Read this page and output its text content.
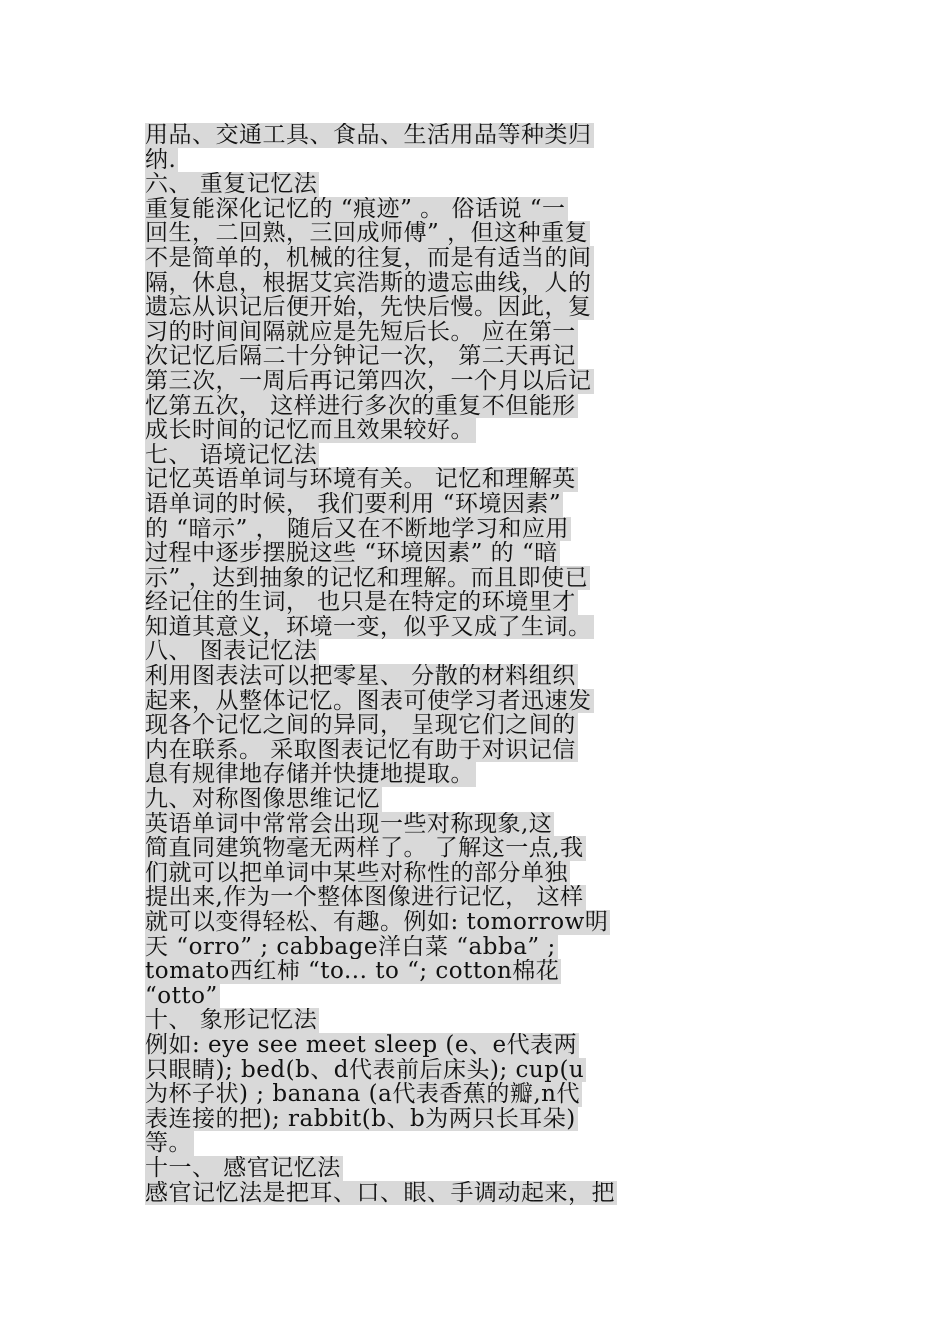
用品、交通工具、食品、生活用品等种类归
纳.
六、 重复记忆法
重复能深化记忆的 “痕迹” 。 俗话说 “一
回生，二回熟，三回成师傅” ，但这种重复
不是简单的，机械的往复，而是有适当的间
隔，休息，根据艾宾浩斯的遗忘曲线，人的
遗忘从识记后便开始，先快后慢。因此，复
习的时间间隔就应是先短后长。 应在第一
次记忆后隔二十分钟记一次， 第二天再记
第三次，一周后再记第四次，一个月以后记
忆第五次， 这样进行多次的重复不但能形
成长时间的记忆而且效果较好。
七、 语境记忆法
记忆英语单词与环境有关。 记忆和理解英
语单词的时候， 我们要利用 “环境因素”
的 “暗示” ， 随后又在不断地学习和应用
过程中逐步摆脱这些 “环境因素” 的 “暗
示” ，达到抽象的记忆和理解。而且即使已
经记住的生词， 也只是在特定的环境里才
知道其意义，环境一变，似乎又成了生词。
八、 图表记忆法
利用图表法可以把零星、 分散的材料组织
起来，从整体记忆。图表可使学习者迅速发
现各个记忆之间的异同， 呈现它们之间的
内在联系。 采取图表记忆有助于对识记信
息有规律地存储并快捷地提取。
九、对称图像思维记忆
英语单词中常常会出现一些对称现象,这
简直同建筑物毫无两样了。 了解这一点,我
们就可以把单词中某些对称性的部分单独
提出来,作为一个整体图像进行记忆， 这样
就可以变得轻松、有趣。例如: tomorrow明
天 “orro” ; cabbage洋白菜 “abba” ;
tomato西红柿 “to... to “; cotton棉花
“otto”
十、 象形记忆法
例如: eye see meet sleep (e、e代表两
只眼睛); bed(b、d代表前后床头); cup(u
为杯子状) ; banana (a代表香蕉的瓣,n代
表连接的把); rabbit(b、b为两只长耳朵)
等。
十一、 感官记忆法
感官记忆法是把耳、口、眼、手调动起来，把
